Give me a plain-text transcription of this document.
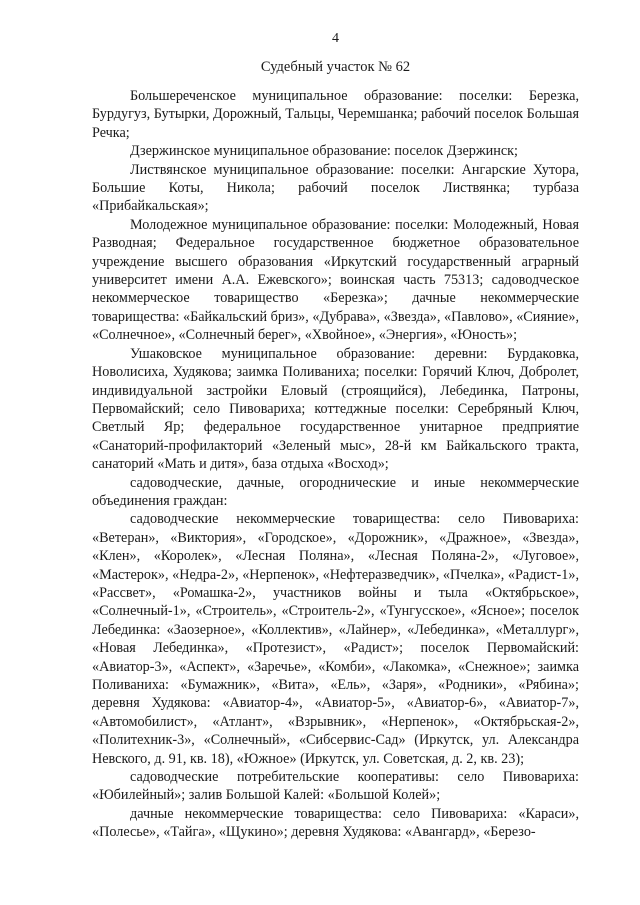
4
Судебный участок № 62

Большереченское муниципальное образование: поселки: Березка, Бурдугуз, Бутырки, Дорожный, Тальцы, Черемшанка; рабочий поселок Большая Речка;

Дзержинское муниципальное образование: поселок Дзержинск;

Листвянское муниципальное образование: поселки: Ангарские Хутора, Большие Коты, Никола; рабочий поселок Листвянка; турбаза «Прибайкальская»;

Молодежное муниципальное образование: поселки: Молодежный, Новая Разводная; Федеральное государственное бюджетное образовательное учреждение высшего образования «Иркутский государственный аграрный университет имени А.А. Ежевского»; воинская часть 75313; садоводческое некоммерческое товарищество «Березка»; дачные некоммерческие товарищества: «Байкальский бриз», «Дубрава», «Звезда», «Павлово», «Сияние», «Солнечное», «Солнечный берег», «Хвойное», «Энергия», «Юность»;

Ушаковское муниципальное образование: деревни: Бурдаковка, Новолисиха, Худякова; заимка Поливаниха; поселки: Горячий Ключ, Добролет, индивидуальной застройки Еловый (строящийся), Лебединка, Патроны, Первомайский; село Пивовариха; коттеджные поселки: Серебряный Ключ, Светлый Яр; федеральное государственное унитарное предприятие «Санаторий-профилакторий «Зеленый мыс», 28-й км Байкальского тракта, санаторий «Мать и дитя», база отдыха «Восход»;

садоводческие, дачные, огороднические и иные некоммерческие объединения граждан:

садоводческие некоммерческие товарищества: село Пивовариха: «Ветеран», «Виктория», «Городское», «Дорожник», «Дражное», «Звезда», «Клен», «Королек», «Лесная Поляна», «Лесная Поляна-2», «Луговое», «Мастерок», «Недра-2», «Нерпенок», «Нефтеразведчик», «Пчелка», «Радист-1», «Рассвет», «Ромашка-2», участников войны и тыла «Октябрьское», «Солнечный-1», «Строитель», «Строитель-2», «Тунгусское», «Ясное»; поселок Лебединка: «Заозерное», «Коллектив», «Лайнер», «Лебединка», «Металлург», «Новая Лебединка», «Протезист», «Радист»; поселок Первомайский: «Авиатор-3», «Аспект», «Заречье», «Комби», «Лакомка», «Снежное»; заимка Поливаниха: «Бумажник», «Вита», «Ель», «Заря», «Родники», «Рябина»; деревня Худякова: «Авиатор-4», «Авиатор-5», «Авиатор-6», «Авиатор-7», «Автомобилист», «Атлант», «Взрывник», «Нерпенок», «Октябрьская-2», «Политехник-3», «Солнечный», «Сибсервис-Сад» (Иркутск, ул. Александра Невского, д. 91, кв. 18), «Южное» (Иркутск, ул. Советская, д. 2, кв. 23);

садоводческие потребительские кооперативы: село Пивовариха: «Юбилейный»; залив Большой Калей: «Большой Колей»;

дачные некоммерческие товарищества: село Пивовариха: «Караси», «Полесье», «Тайга», «Щукино»; деревня Худякова: «Авангард», «Березо-
